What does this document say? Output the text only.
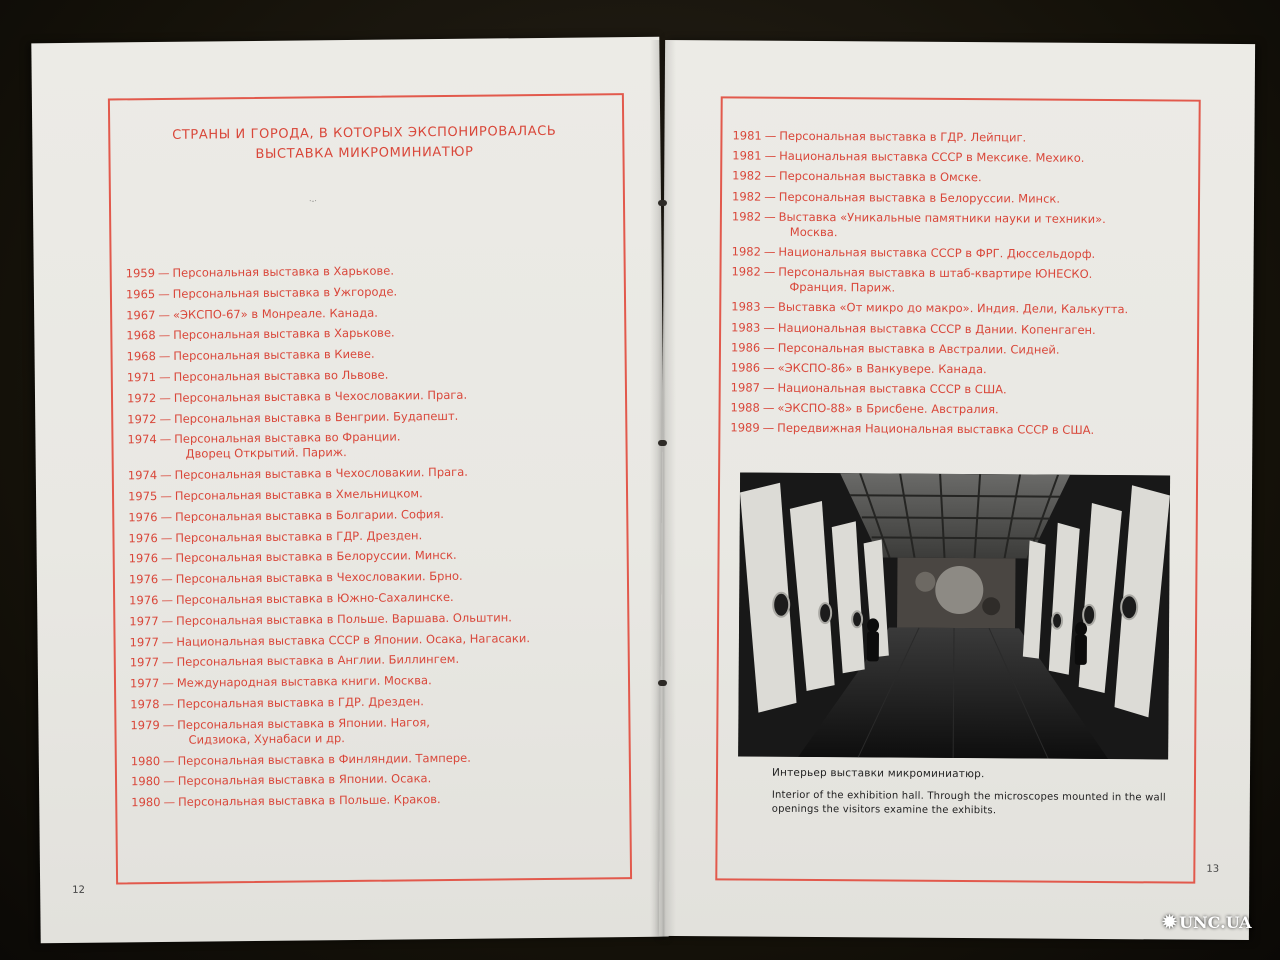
СТРАНЫ И ГОРОДА, В КОТОРЫХ ЭКСПОНИРОВАЛАСЬ
ВЫСТАВКА МИКРОМИНИАТЮР
·-·
1959 — Персональная выставка в Харькове.
1965 — Персональная выставка в Ужгороде.
1967 — «ЭКСПО-67» в Монреале. Канада.
1968 — Персональная выставка в Харькове.
1968 — Персональная выставка в Киеве.
1971 — Персональная выставка во Львове.
1972 — Персональная выставка в Чехословакии. Прага.
1972 — Персональная выставка в Венгрии. Будапешт.
1974 — Персональная выставка во Франции.
Дворец Открытий. Париж.
1974 — Персональная выставка в Чехословакии. Прага.
1975 — Персональная выставка в Хмельницком.
1976 — Персональная выставка в Болгарии. София.
1976 — Персональная выставка в ГДР. Дрезден.
1976 — Персональная выставка в Белоруссии. Минск.
1976 — Персональная выставка в Чехословакии. Брно.
1976 — Персональная выставка в Южно-Сахалинске.
1977 — Персональная выставка в Польше. Варшава. Ольштин.
1977 — Национальная выставка СССР в Японии. Осака, Нагасаки.
1977 — Персональная выставка в Англии. Биллингем.
1977 — Международная выставка книги. Москва.
1978 — Персональная выставка в ГДР. Дрезден.
1979 — Персональная выставка в Японии. Нагоя,
Сидзиока, Хунабаси и др.
1980 — Персональная выставка в Финляндии. Тампере.
1980 — Персональная выставка в Японии. Осака.
1980 — Персональная выставка в Польше. Краков.
12
1981 — Персональная выставка в ГДР. Лейпциг.
1981 — Национальная выставка СССР в Мексике. Мехико.
1982 — Персональная выставка в Омске.
1982 — Персональная выставка в Белоруссии. Минск.
1982 — Выставка «Уникальные памятники науки и техники».
Москва.
1982 — Национальная выставка СССР в ФРГ. Дюссельдорф.
1982 — Персональная выставка в штаб-квартире ЮНЕСКО.
Франция. Париж.
1983 — Выставка «От микро до макро». Индия. Дели, Калькутта.
1983 — Национальная выставка СССР в Дании. Копенгаген.
1986 — Персональная выставка в Австралии. Сидней.
1986 — «ЭКСПО-86» в Ванкувере. Канада.
1987 — Национальная выставка СССР в США.
1988 — «ЭКСПО-88» в Брисбене. Австралия.
1989 — Передвижная Национальная выставка СССР в США.
Интерьер выставки микроминиатюр.
Interior of the exhibition hall. Through the microscopes mounted in the wall openings the visitors examine the exhibits.
13
✹ UNC.UA
